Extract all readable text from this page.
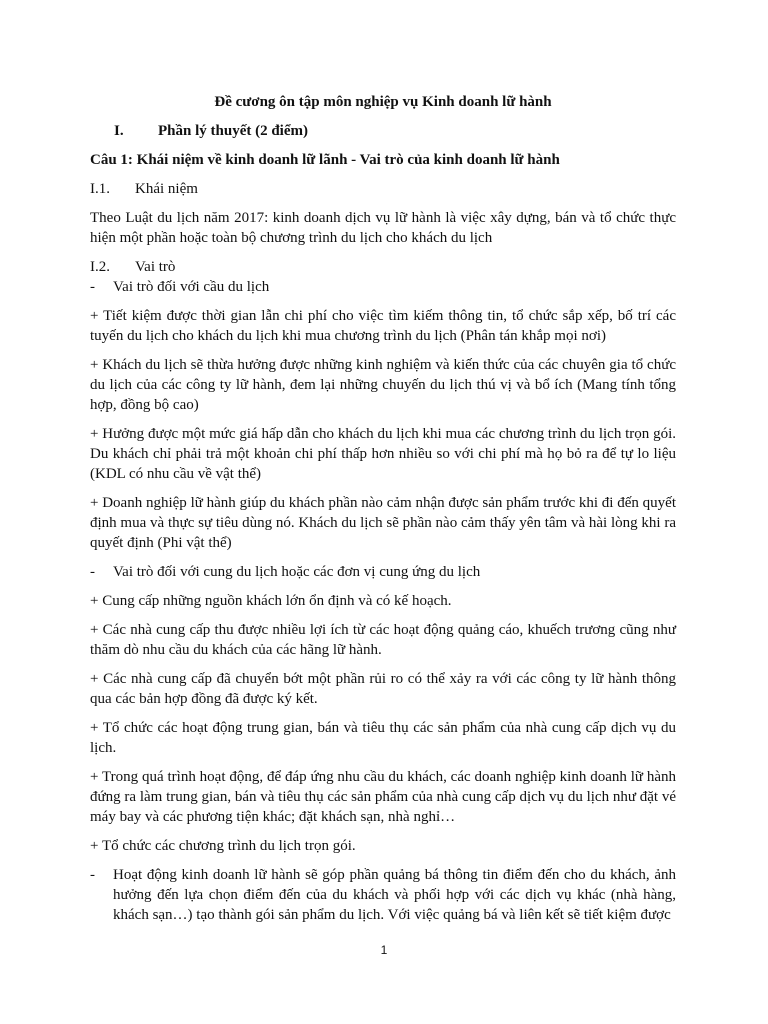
Đề cương ôn tập môn nghiệp vụ Kinh doanh lữ hành
I.	Phần lý thuyết (2 điểm)
Câu 1: Khái niệm về kinh doanh lữ lãnh - Vai trò của kinh doanh lữ hành
I.1.	Khái niệm
Theo Luật du lịch năm 2017: kinh doanh dịch vụ lữ hành là việc xây dựng, bán và tổ chức thực hiện một phần hoặc toàn bộ chương trình du lịch cho khách du lịch
I.2.	Vai trò
-	Vai trò đối với cầu du lịch
+ Tiết kiệm được thời gian lẫn chi phí cho việc tìm kiếm thông tin, tổ chức sắp xếp, bố trí các tuyến du lịch cho khách du lịch khi mua chương trình du lịch (Phân tán khắp mọi nơi)
+ Khách du lịch sẽ thừa hưởng được những kinh nghiệm và kiến thức của các chuyên gia tổ chức du lịch của các công ty lữ hành, đem lại những chuyến du lịch thú vị và bổ ích (Mang tính tổng hợp, đồng bộ cao)
+ Hưởng được một mức giá hấp dẫn cho khách du lịch khi mua các chương trình du lịch trọn gói. Du khách chỉ phải trả một khoản chi phí thấp hơn nhiều so với chi phí mà họ bỏ ra để tự lo liệu (KDL có nhu cầu về vật thể)
+ Doanh nghiệp lữ hành giúp du khách phần nào cảm nhận được sản phẩm trước khi đi đến quyết định mua và thực sự tiêu dùng nó. Khách du lịch sẽ phần nào cảm thấy yên tâm và hài lòng khi ra quyết định (Phi vật thể)
-	Vai trò đối với cung du lịch hoặc các đơn vị cung ứng du lịch
+ Cung cấp những nguồn khách lớn ổn định và có kế hoạch.
+ Các nhà cung cấp thu được nhiều lợi ích từ các hoạt động quảng cáo, khuếch trương cũng như thăm dò nhu cầu du khách của các hãng lữ hành.
+ Các nhà cung cấp đã chuyển bớt một phần rủi ro có thể xảy ra với các công ty lữ hành thông qua các bản hợp đồng đã được ký kết.
+ Tổ chức các hoạt động trung gian, bán và tiêu thụ các sản phẩm của nhà cung cấp dịch vụ du lịch.
+ Trong quá trình hoạt động, để đáp ứng nhu cầu du khách, các doanh nghiệp kinh doanh lữ hành đứng ra làm trung gian, bán và tiêu thụ các sản phẩm của nhà cung cấp dịch vụ du lịch như đặt vé máy bay và các phương tiện khác; đặt khách sạn, nhà nghỉ…
+ Tổ chức các chương trình du lịch trọn gói.
-	Hoạt động kinh doanh lữ hành sẽ góp phần quảng bá thông tin điểm đến cho du khách, ảnh hưởng đến lựa chọn điểm đến của du khách và phối hợp với các dịch vụ khác (nhà hàng, khách sạn…) tạo thành gói sản phẩm du lịch. Với việc quảng bá và liên kết sẽ tiết kiệm được
1
